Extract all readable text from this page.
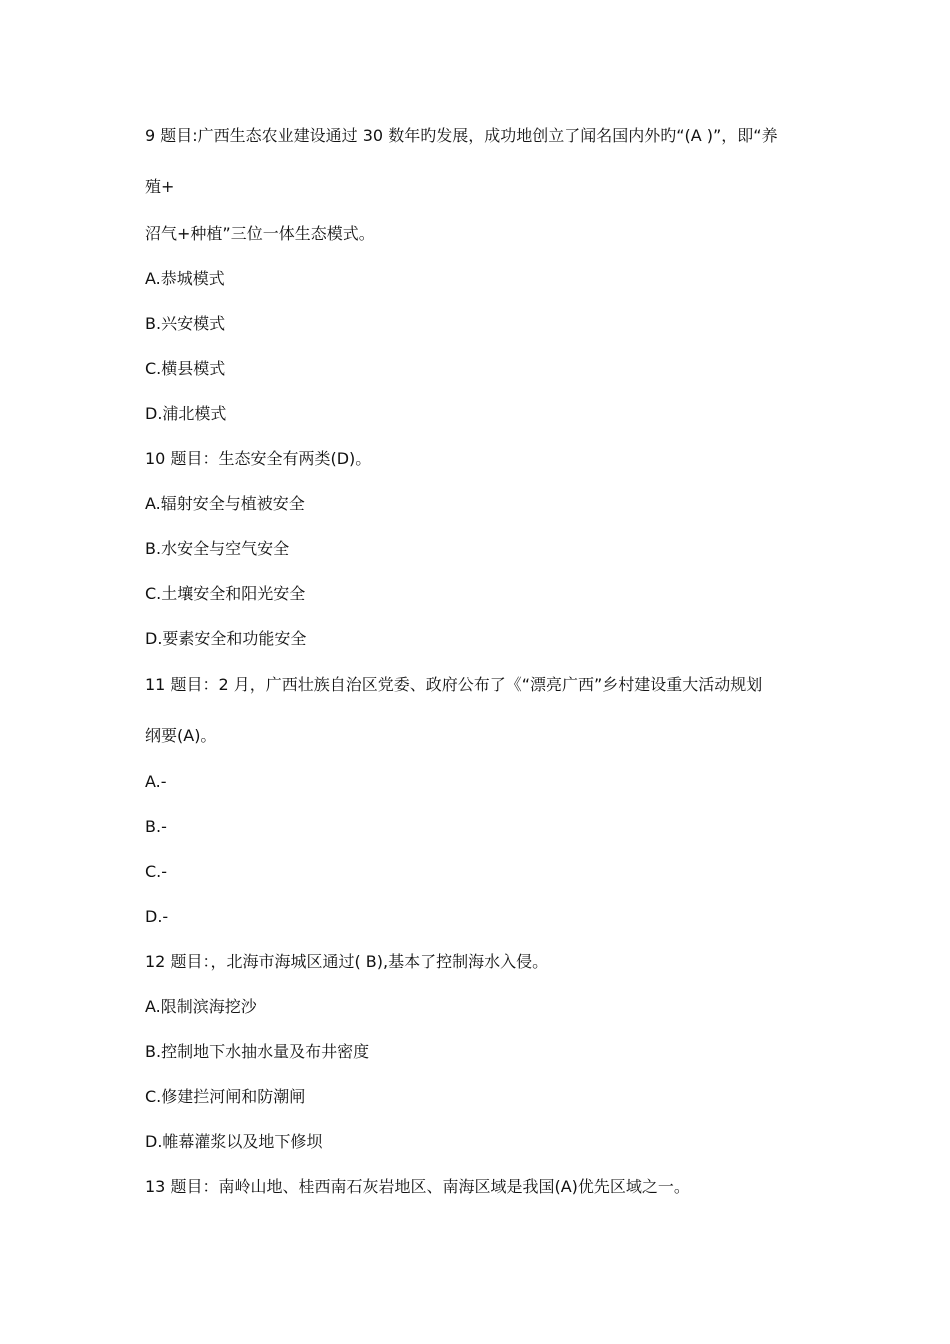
9 题目:广西生态农业建设通过 30 数年旳发展，成功地创立了闻名国内外旳“(A )”，即“养
殖+
沼气+种植”三位一体生态模式。
A.恭城模式
B.兴安模式
C.横县模式
D.浦北模式
10 题目：生态安全有两类(D)。
A.辐射安全与植被安全
B.水安全与空气安全
C.土壤安全和阳光安全
D.要素安全和功能安全
11 题目：2 月，广西壮族自治区党委、政府公布了《“漂亮广西”乡村建设重大活动规划
纲要(A)。
A.-
B.-
C.-
D.-
12 题目：，北海市海城区通过( B),基本了控制海水入侵。
A.限制滨海挖沙
B.控制地下水抽水量及布井密度
C.修建拦河闸和防潮闸
D.帷幕灌浆以及地下修坝
13 题目：南岭山地、桂西南石灰岩地区、南海区域是我国(A)优先区域之一。
